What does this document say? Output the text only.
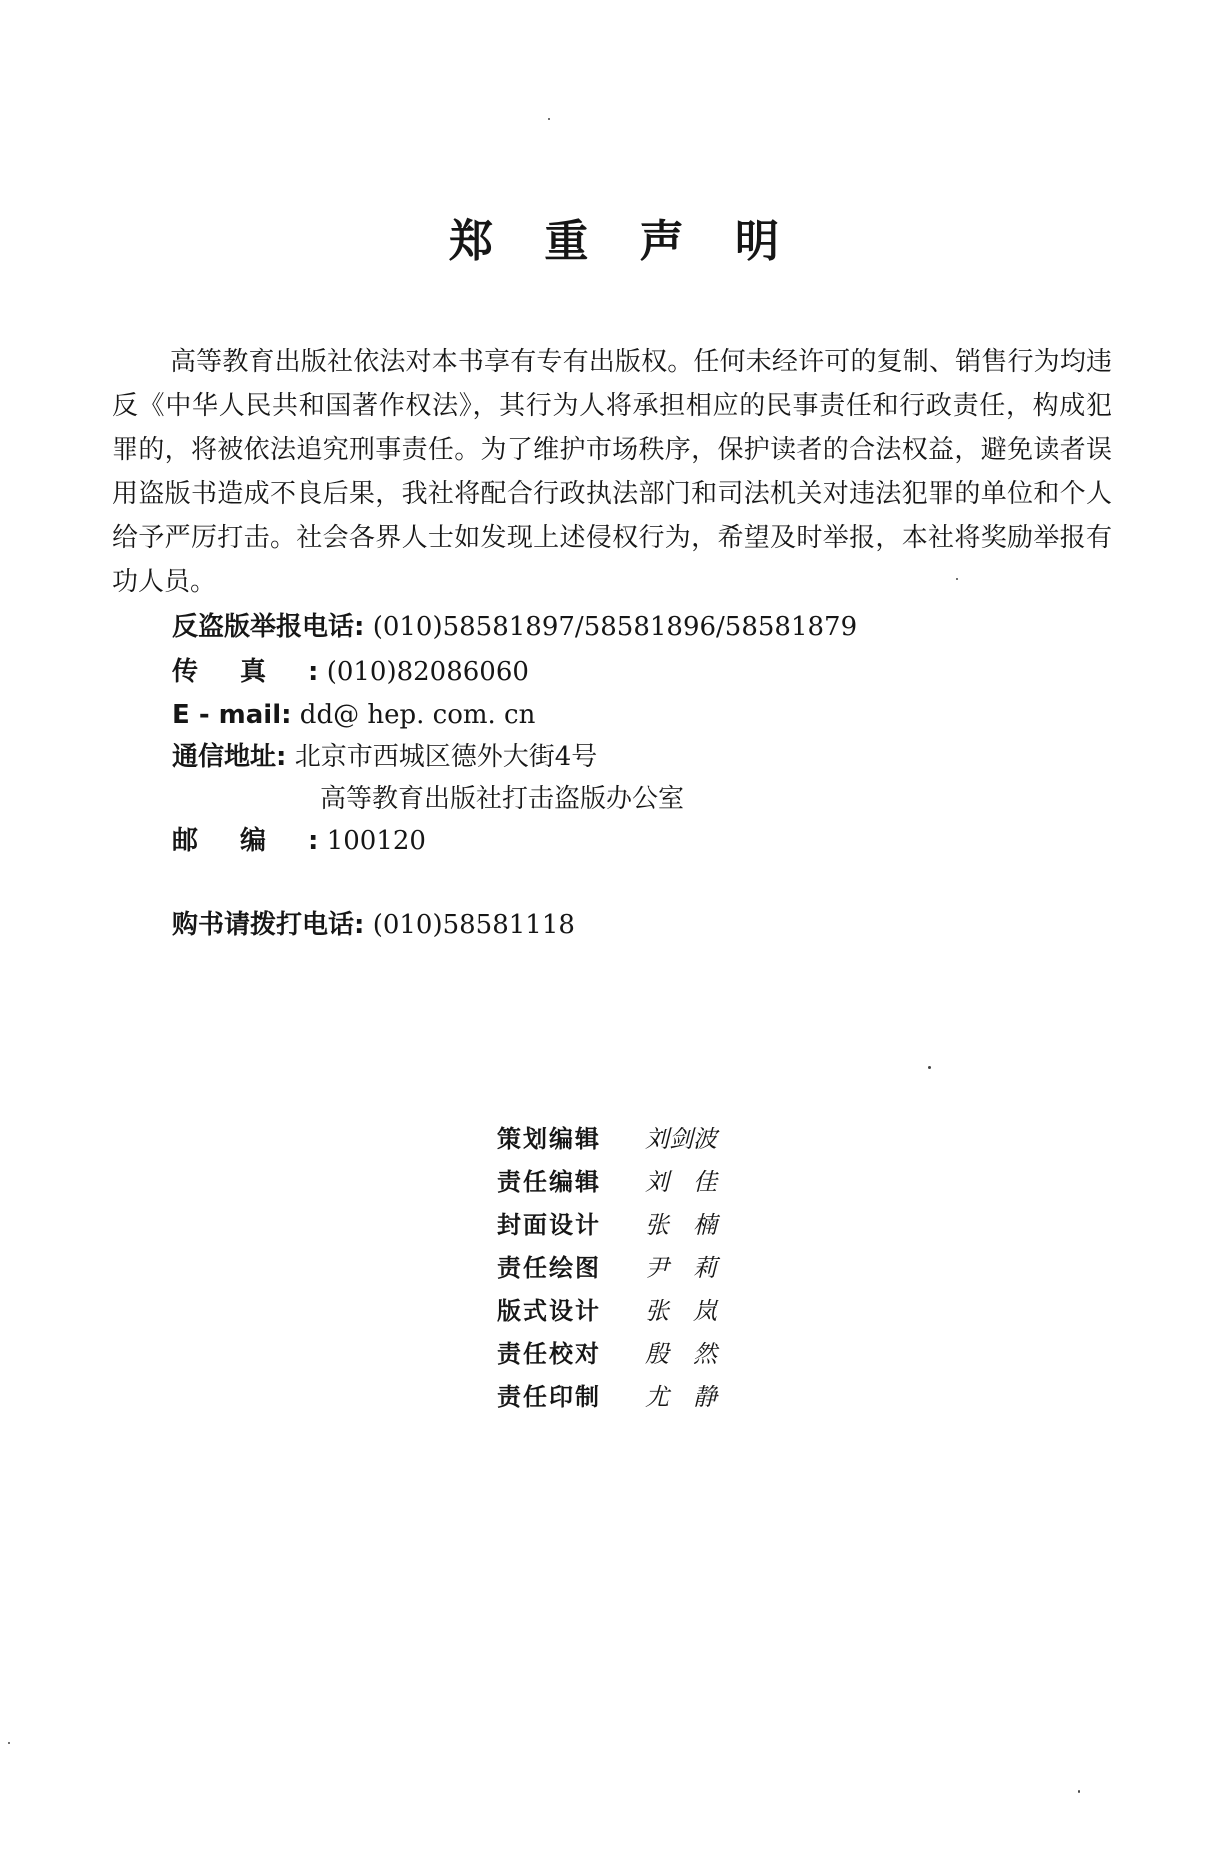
郑 重 声 明

高等教育出版社依法对本书享有专有出版权。任何未经许可的复制、销售行为均违反《中华人民共和国著作权法》，其行为人将承担相应的民事责任和行政责任，构成犯罪的，将被依法追究刑事责任。为了维护市场秩序，保护读者的合法权益，避免读者误用盗版书造成不良后果，我社将配合行政执法部门和司法机关对违法犯罪的单位和个人给予严厉打击。社会各界人士如发现上述侵权行为，希望及时举报，本社将奖励举报有功人员。

反盗版举报电话: (010)58581897/58581896/58581879
传真: (010)82086060
E - mail: dd@ hep. com. cn
通信地址: 北京市西城区德外大街4号
高等教育出版社打击盗版办公室
邮编: 100120
购书请拨打电话: (010)58581118
策划编辑 刘剑波
责任编辑 刘　佳
封面设计 张　楠
责任绘图 尹　莉
版式设计 张　岚
责任校对 殷　然
责任印制 尤　静
